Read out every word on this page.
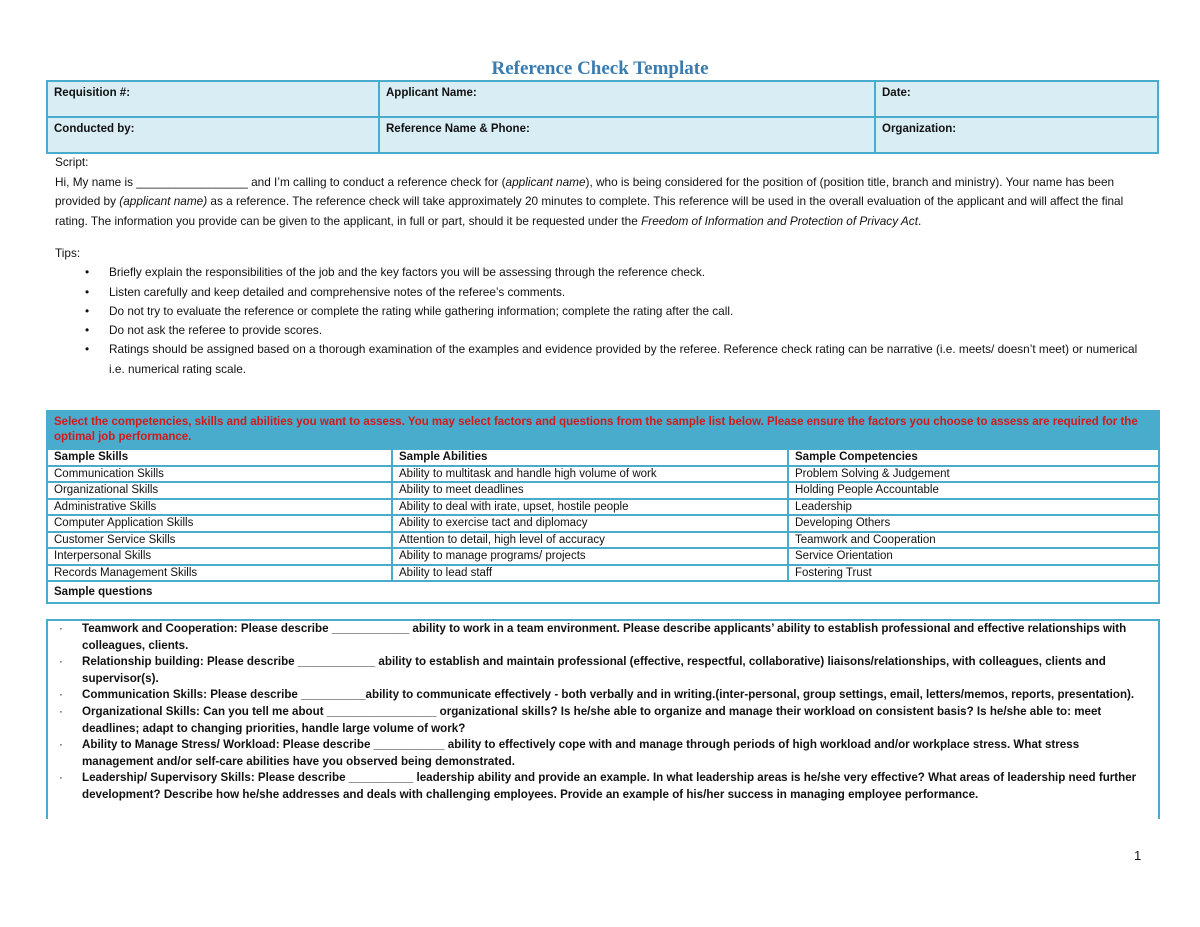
Reference Check Template
Requisition #:	Applicant Name:	Date:
Conducted by:	Reference Name & Phone:	Organization:

Script:

Hi, My name is _________________ and I’m calling to conduct a reference check for (applicant name), who is being considered for the position of (position title, branch and ministry). Your name has been provided by (applicant name) as a reference. The reference check will take approximately 20 minutes to complete. This reference will be used in the overall evaluation of the applicant and will affect the final rating. The information you provide can be given to the applicant, in full or part, should it be requested under the Freedom of Information and Protection of Privacy Act.

Tips:
• Briefly explain the responsibilities of the job and the key factors you will be assessing through the reference check.
• Listen carefully and keep detailed and comprehensive notes of the referee’s comments.
• Do not try to evaluate the reference or complete the rating while gathering information; complete the rating after the call.
• Do not ask the referee to provide scores.
• Ratings should be assigned based on a thorough examination of the examples and evidence provided by the referee. Reference check rating can be narrative (i.e. meets/ doesn’t meet) or numerical i.e. numerical rating scale.
Select the competencies, skills and abilities you want to assess. You may select factors and questions from the sample list below. Please ensure the factors you choose to assess are required for the optimal job performance.		
Sample Skills	Sample Abilities	Sample Competencies
Communication Skills	Ability to multitask and handle high volume of work	Problem Solving & Judgement
Organizational Skills	Ability to meet deadlines	Holding People Accountable
Administrative Skills	Ability to deal with irate, upset, hostile people	Leadership
Computer Application Skills	Ability to exercise tact and diplomacy	Developing Others
Customer Service Skills	Attention to detail, high level of accuracy	Teamwork and Cooperation
Interpersonal Skills	Ability to manage programs/ projects	Service Orientation
Records Management Skills	Ability to lead staff	Fostering Trust
Sample questions		
· Teamwork and Cooperation: Please describe ____________ ability to work in a team environment. Please describe applicants’ ability to establish professional and effective relationships with colleagues, clients.
· Relationship building: Please describe ____________ ability to establish and maintain professional (effective, respectful, collaborative) liaisons/relationships, with colleagues, clients and supervisor(s).
· Communication Skills: Please describe __________ability to communicate effectively - both verbally and in writing.(inter-personal, group settings, email, letters/memos, reports, presentation).
· Organizational Skills: Can you tell me about _________________ organizational skills? Is he/she able to organize and manage their workload on consistent basis? Is he/she able to: meet deadlines; adapt to changing priorities, handle large volume of work?
· Ability to Manage Stress/ Workload: Please describe ___________ ability to effectively cope with and manage through periods of high workload and/or workplace stress. What stress management and/or self-care abilities have you observed being demonstrated.
· Leadership/ Supervisory Skills: Please describe __________ leadership ability and provide an example. In what leadership areas is he/she very effective? What areas of leadership need further development? Describe how he/she addresses and deals with challenging employees. Provide an example of his/her success in managing employee performance.
1
